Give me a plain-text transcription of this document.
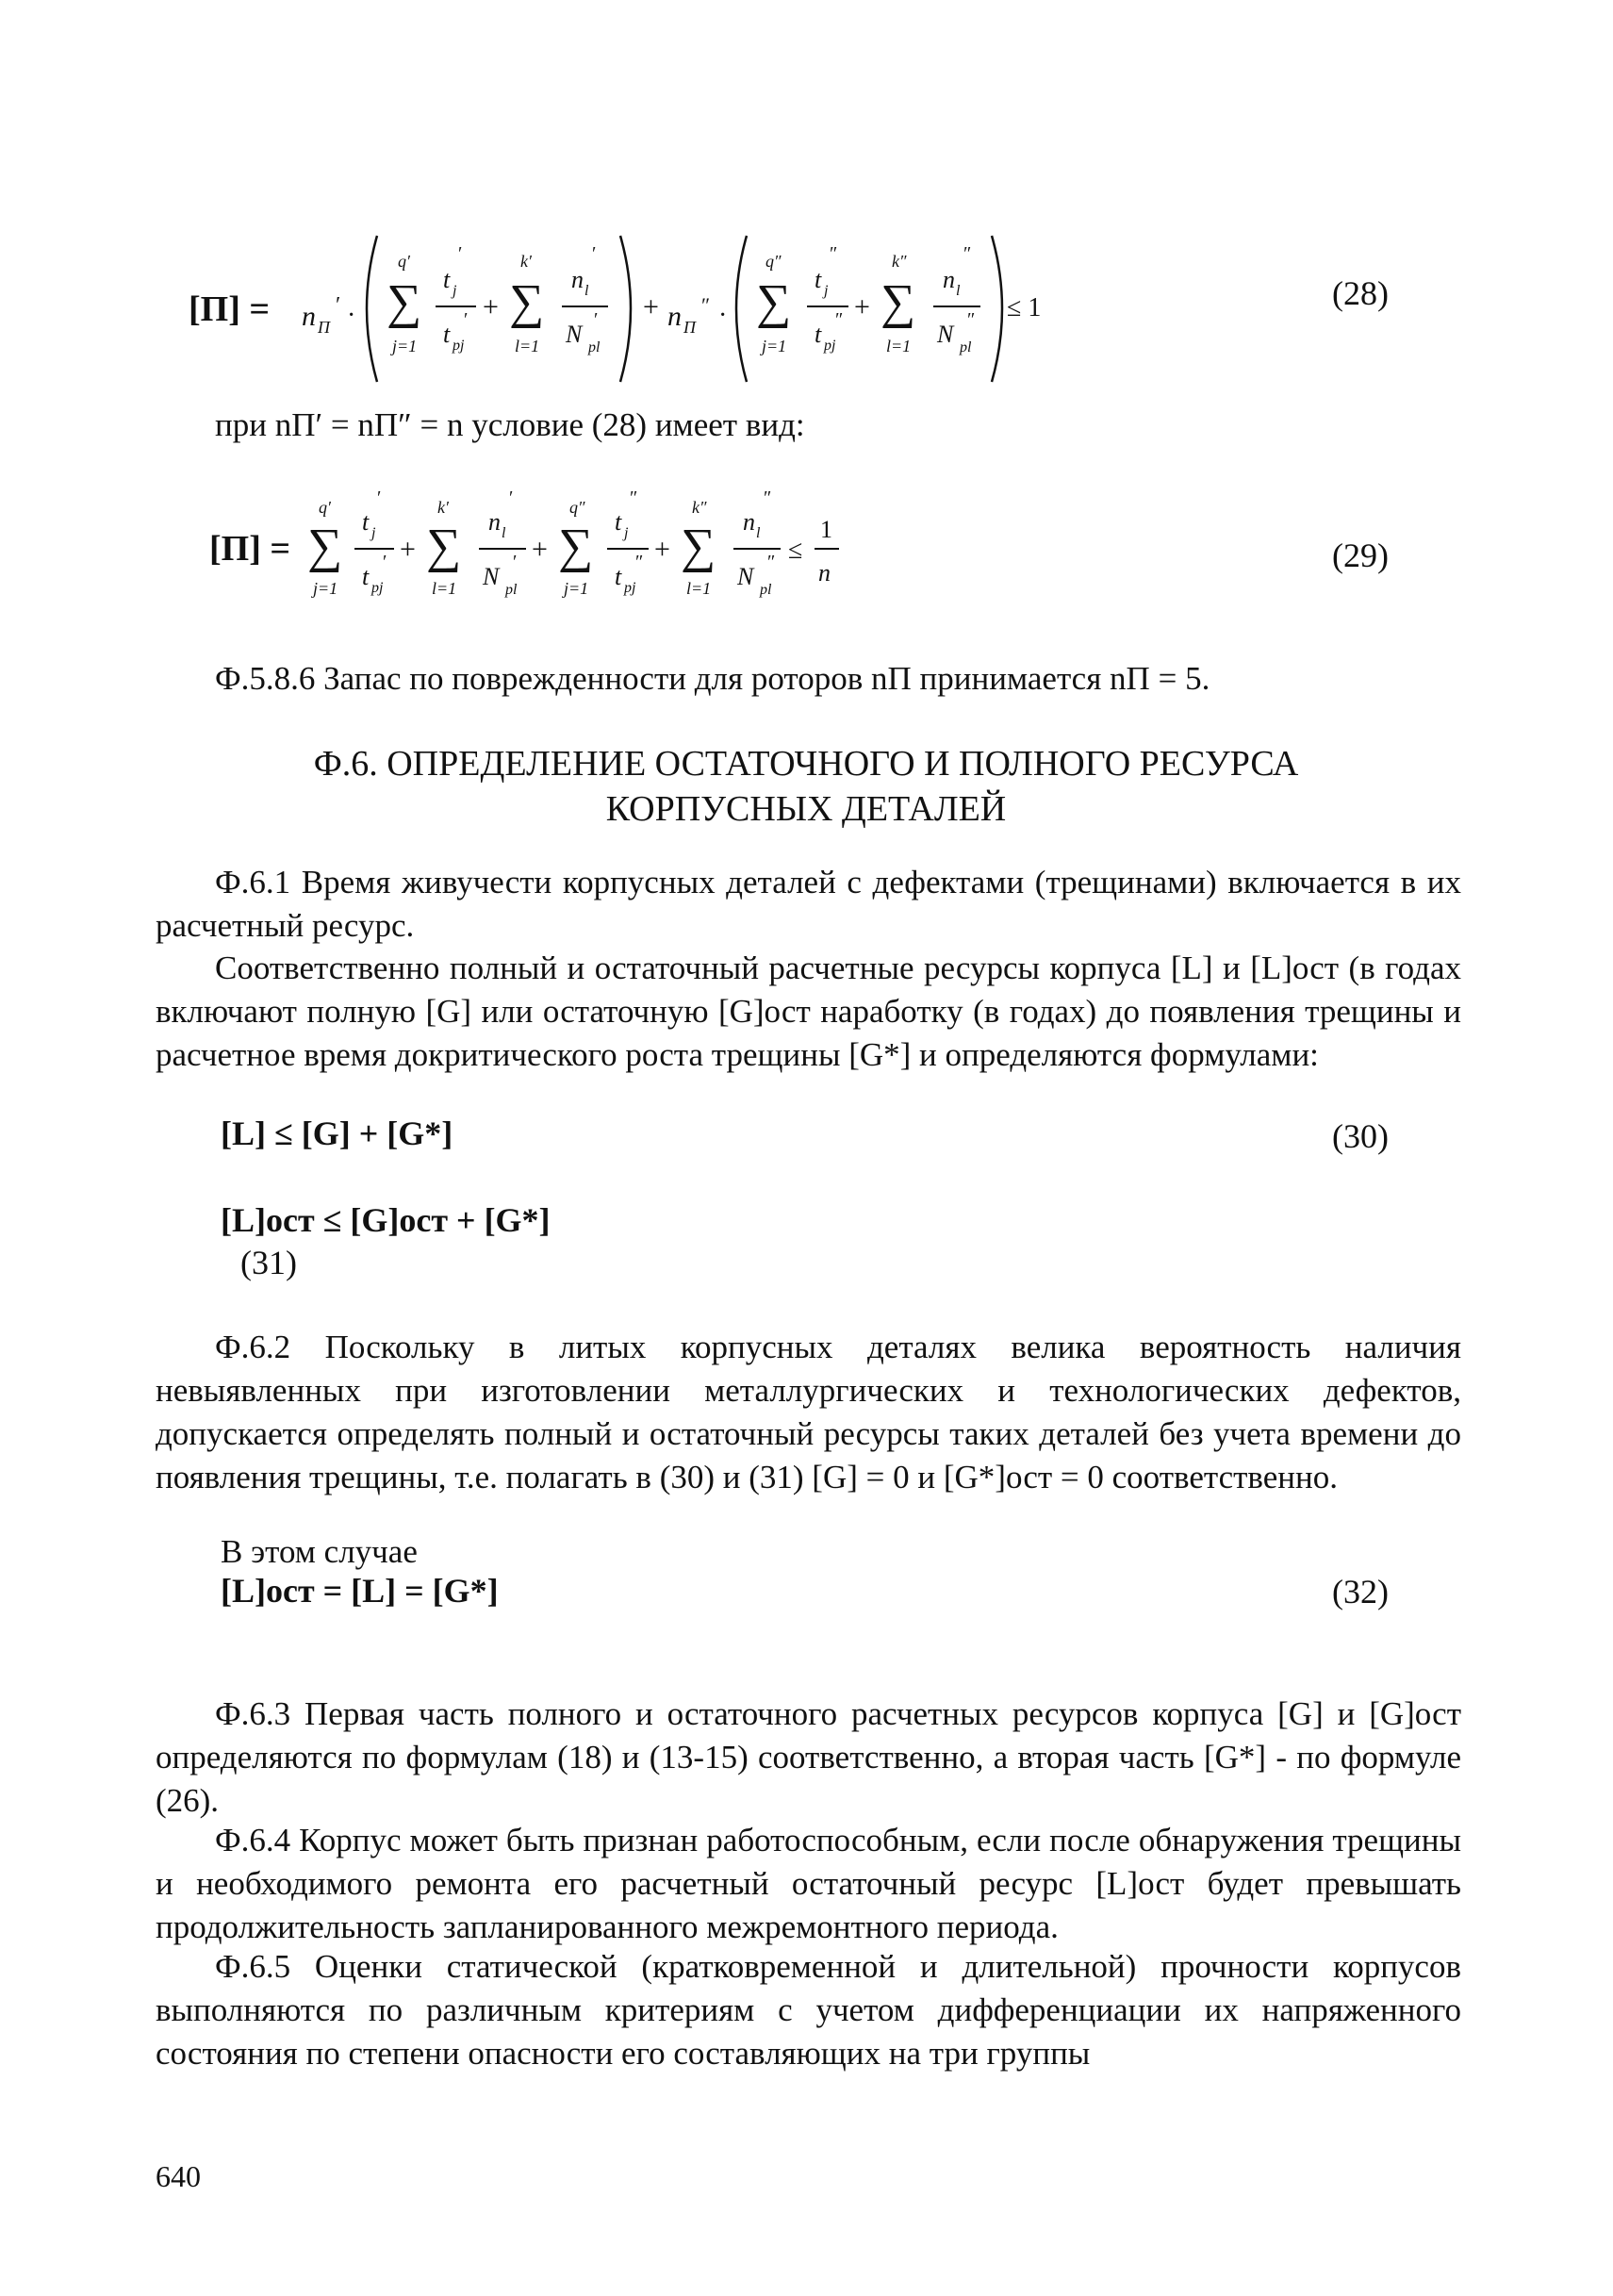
[П] = n П
′ ·
q′
∑
j=1
t j
′
t pj
′ +
k′
∑
l=1
n l
′
N pl
′ + n П
″ ·
q″
∑
j=1
t j
″
t pj
″ +
k″
∑
l=1
n l
″
N pl
″ ≤ 1	(28)
при nП′ = nП″ = n условие (28) имеет вид:
[П] =
q′
∑
j=1
t j
′
t pj
′ +
k′
∑
l=1
n l
′
N pl
′ +
q″
∑
j=1
t j
″
t pj
″ +
k″
∑
l=1
n l
″
N pl
″ ≤
1
n	(29)
Ф.5.8.6 Запас по поврежденности для роторов nП принимается nП = 5.
Ф.6. ОПРЕДЕЛЕНИЕ ОСТАТОЧНОГО И ПОЛНОГО РЕСУРСА
КОРПУСНЫХ ДЕТАЛЕЙ
Ф.6.1 Время живучести корпусных деталей с дефектами (трещинами) включается в их расчетный ресурс.
Соответственно полный и остаточный расчетные ресурсы корпуса [L] и [L]ост (в годах включают полную [G] или остаточную [G]ост наработку (в годах) до появления трещины и расчетное время докритического роста трещины [G*] и определяются формулами:
[L] ≤ [G] + [G*]	(30)
[L]ост ≤ [G]ост + [G*]
(31)
Ф.6.2 Поскольку в литых корпусных деталях велика вероятность наличия невыявленных при изготовлении металлургических и технологических дефектов, допускается определять полный и остаточный ресурсы таких деталей без учета времени до появления трещины, т.е. полагать в (30) и (31) [G] = 0 и [G*]ост = 0 соответственно.
В этом случае
[L]ост = [L] = [G*]	(32)
Ф.6.3 Первая часть полного и остаточного расчетных ресурсов корпуса [G] и [G]ост определяются по формулам (18) и (13-15) соответственно, а вторая часть [G*] - по формуле (26).
Ф.6.4 Корпус может быть признан работоспособным, если после обнаружения трещины и необходимого ремонта его расчетный остаточный ресурс [L]ост будет превышать продолжительность запланированного межремонтного периода.
Ф.6.5 Оценки статической (кратковременной и длительной) прочности корпусов выполняются по различным критериям с учетом дифференциации их напряженного состояния по степени опасности его составляющих на три группы
640
